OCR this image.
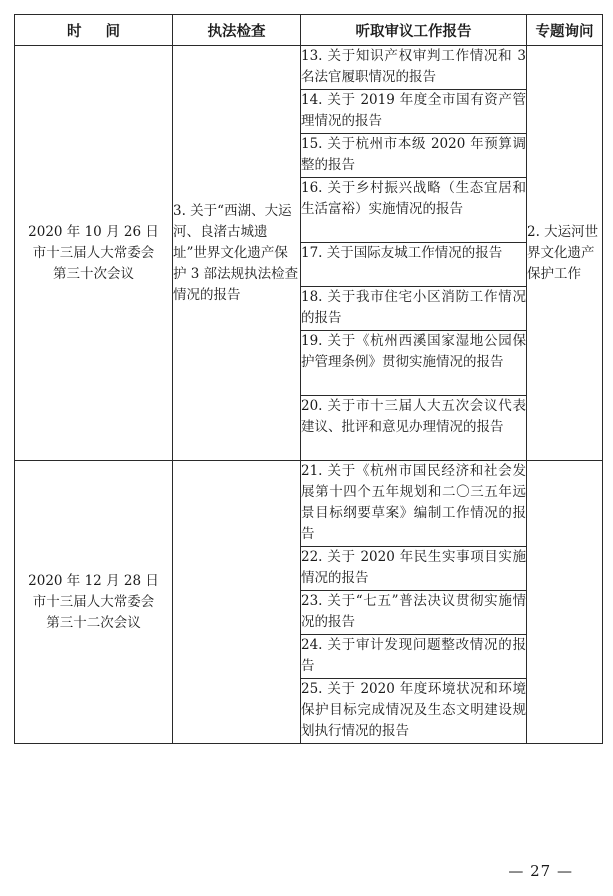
时间	执法检查	听取审议工作报告	专题询问

2020 年 10 月 26 日
市十三届人大常委会
第三十次会议	3. 关于“西湖、大运河、良渚古城遗址”世界文化遗产保护 3 部法规执法检查情况的报告	13. 关于知识产权审判工作情况和 3 名法官履职情况的报告	2. 大运河世界文化遗产保护工作
		14. 关于 2019 年度全市国有资产管理情况的报告	
		15. 关于杭州市本级 2020 年预算调整的报告	
		16. 关于乡村振兴战略（生态宜居和生活富裕）实施情况的报告	
		17. 关于国际友城工作情况的报告	
		18. 关于我市住宅小区消防工作情况的报告	
		19. 关于《杭州西溪国家湿地公园保护管理条例》贯彻实施情况的报告	
		20. 关于市十三届人大五次会议代表建议、批评和意见办理情况的报告	

2020 年 12 月 28 日
市十三届人大常委会
第三十二次会议		21. 关于《杭州市国民经济和社会发展第十四个五年规划和二〇三五年远景目标纲要草案》编制工作情况的报告	
		22. 关于 2020 年民生实事项目实施情况的报告	
		23. 关于“七五”普法决议贯彻实施情况的报告	
		24. 关于审计发现问题整改情况的报告	
		25. 关于 2020 年度环境状况和环境保护目标完成情况及生态文明建设规划执行情况的报告	
— 27 —
